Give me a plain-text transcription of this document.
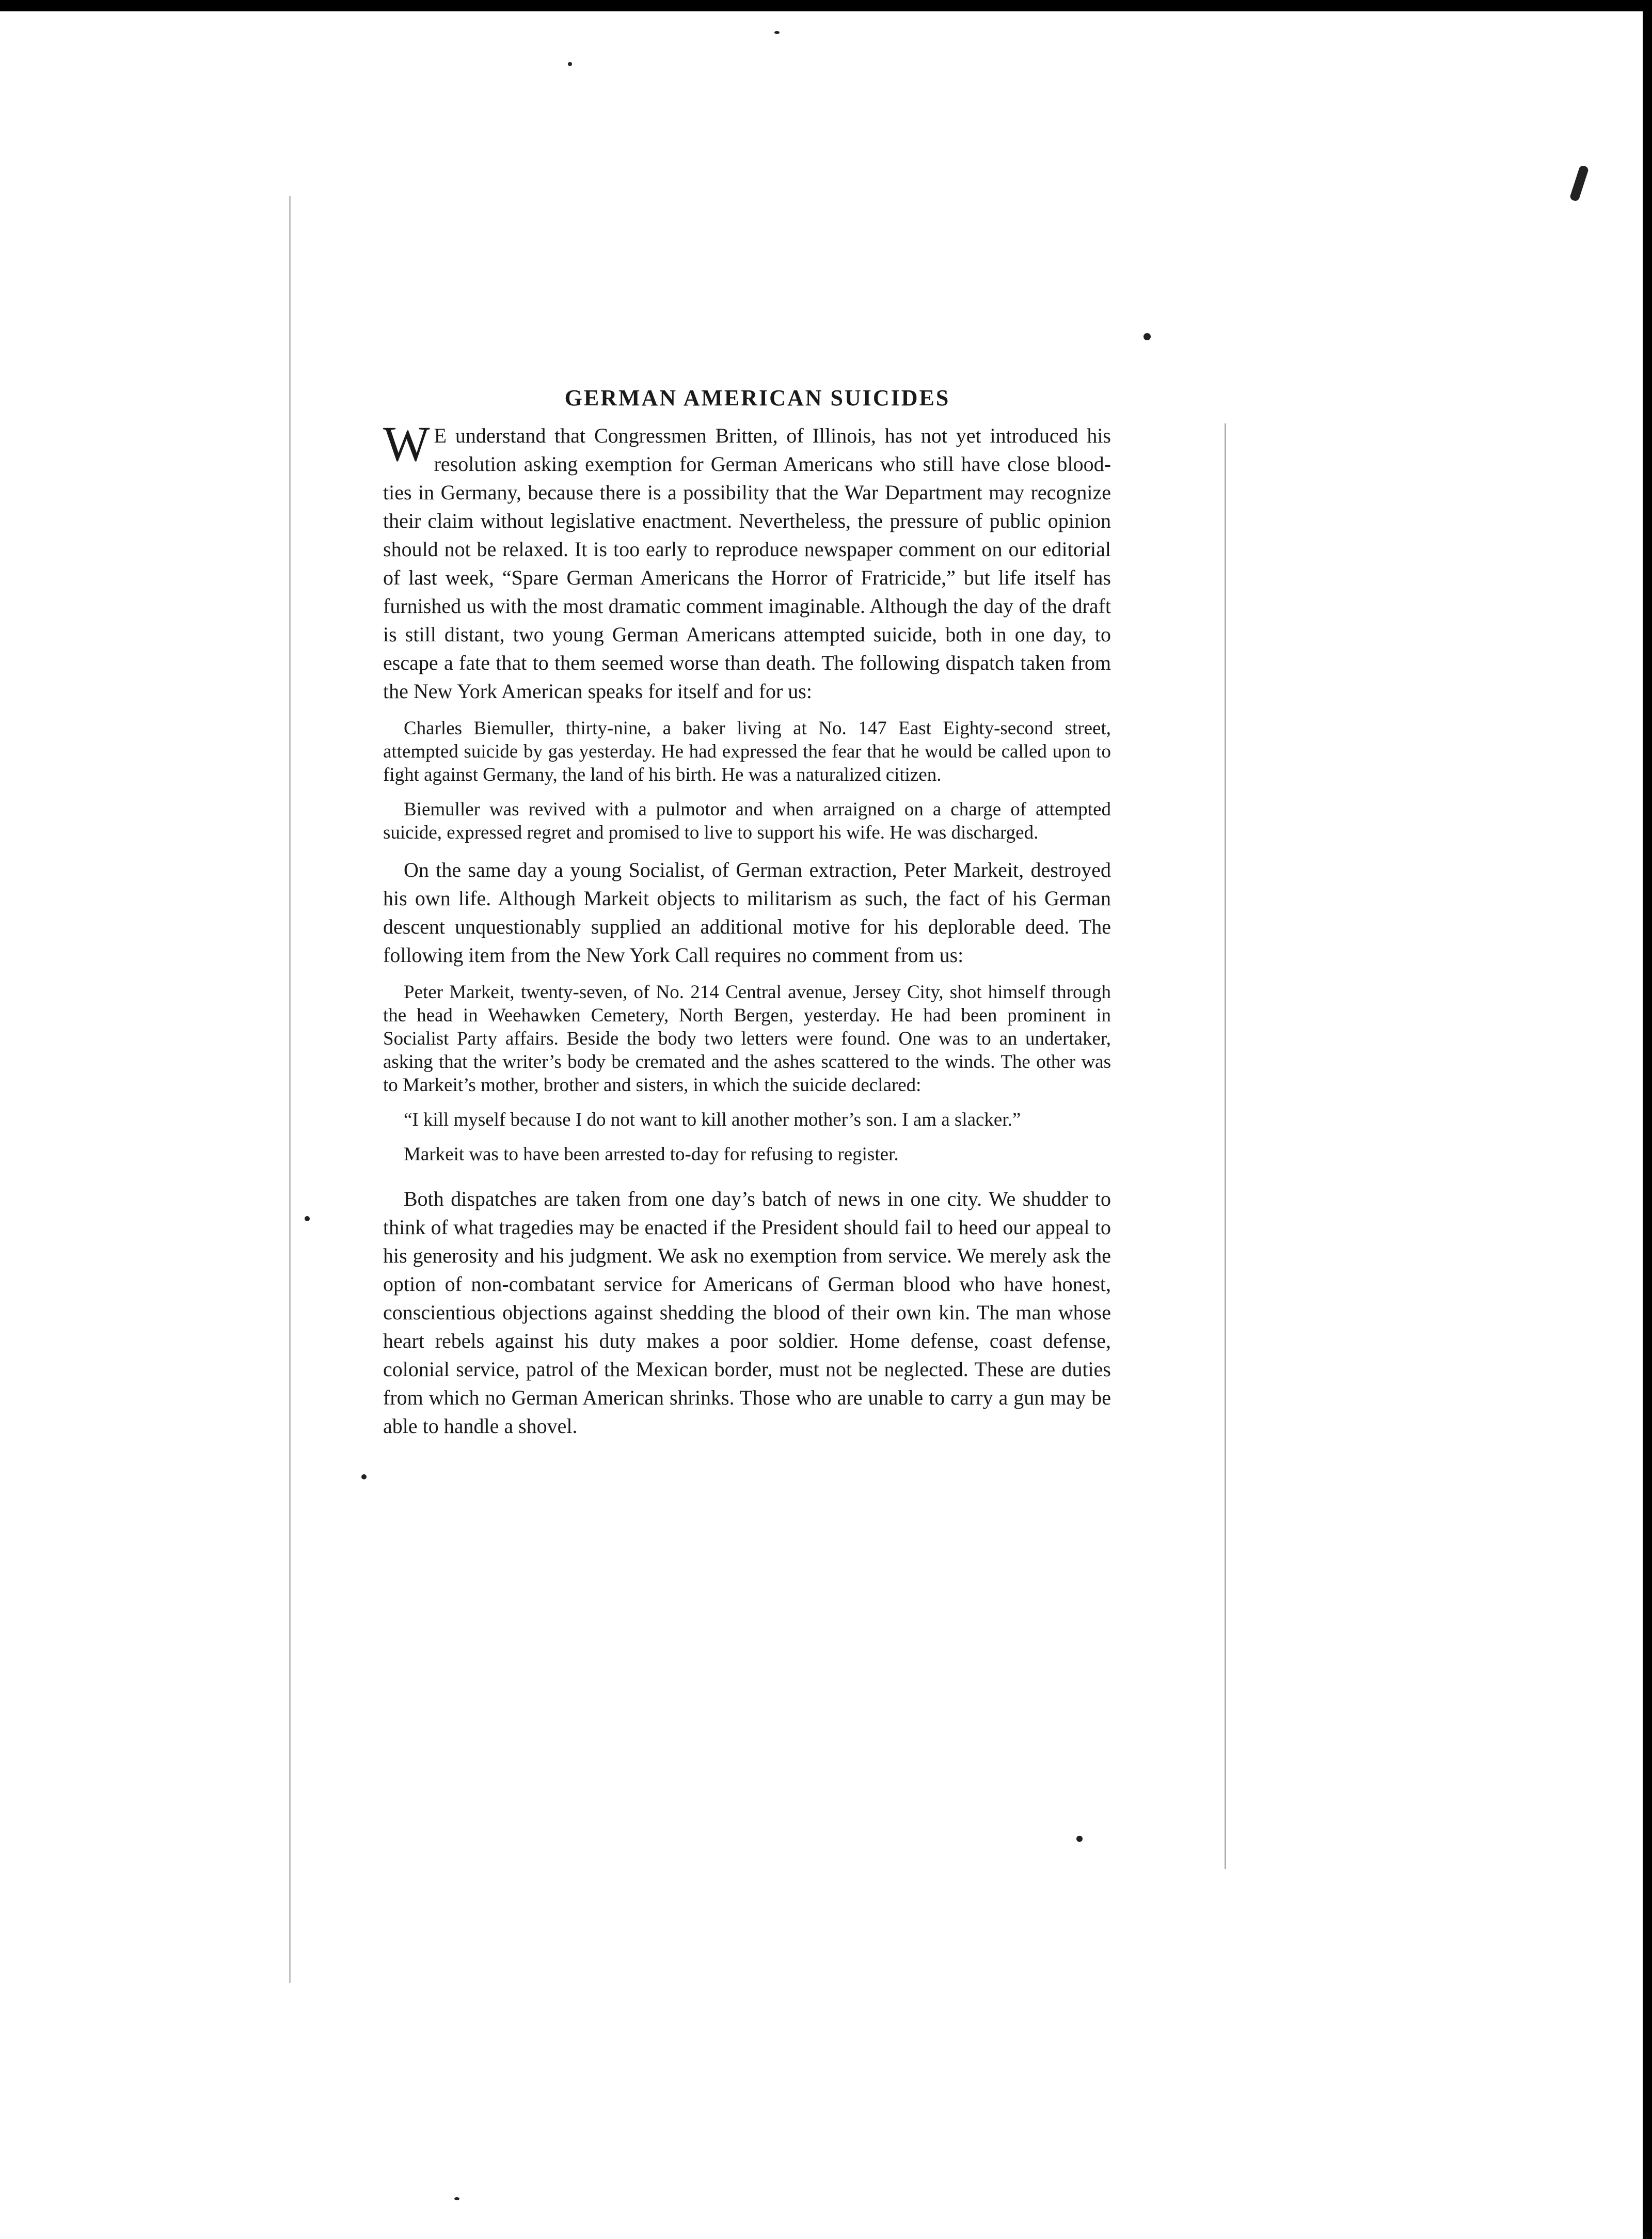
GERMAN AMERICAN SUICIDES

WE understand that Congressmen Britten, of Illinois, has not yet introduced his resolution asking exemption for German Americans who still have close blood-ties in Germany, because there is a possibility that the War Department may recognize their claim without legislative enactment. Nevertheless, the pressure of public opinion should not be relaxed. It is too early to reproduce newspaper comment on our editorial of last week, “Spare German Americans the Horror of Fratricide,” but life itself has furnished us with the most dramatic comment imaginable. Although the day of the draft is still distant, two young German Americans attempted suicide, both in one day, to escape a fate that to them seemed worse than death. The following dispatch taken from the New York American speaks for itself and for us:

Charles Biemuller, thirty-nine, a baker living at No. 147 East Eighty-second street, attempted suicide by gas yesterday. He had expressed the fear that he would be called upon to fight against Germany, the land of his birth. He was a naturalized citizen.

Biemuller was revived with a pulmotor and when arraigned on a charge of attempted suicide, expressed regret and promised to live to support his wife. He was discharged.

On the same day a young Socialist, of German extraction, Peter Markeit, destroyed his own life. Although Markeit objects to militarism as such, the fact of his German descent unquestionably supplied an additional motive for his deplorable deed. The following item from the New York Call requires no comment from us:

Peter Markeit, twenty-seven, of No. 214 Central avenue, Jersey City, shot himself through the head in Weehawken Cemetery, North Bergen, yesterday. He had been prominent in Socialist Party affairs. Beside the body two letters were found. One was to an undertaker, asking that the writer’s body be cremated and the ashes scattered to the winds. The other was to Markeit’s mother, brother and sisters, in which the suicide declared:

“I kill myself because I do not want to kill another mother’s son. I am a slacker.”

Markeit was to have been arrested to-day for refusing to register.

Both dispatches are taken from one day’s batch of news in one city. We shudder to think of what tragedies may be enacted if the President should fail to heed our appeal to his generosity and his judgment. We ask no exemption from service. We merely ask the option of non-combatant service for Americans of German blood who have honest, conscientious objections against shedding the blood of their own kin. The man whose heart rebels against his duty makes a poor soldier. Home defense, coast defense, colonial service, patrol of the Mexican border, must not be neglected. These are duties from which no German American shrinks. Those who are unable to carry a gun may be able to handle a shovel.
